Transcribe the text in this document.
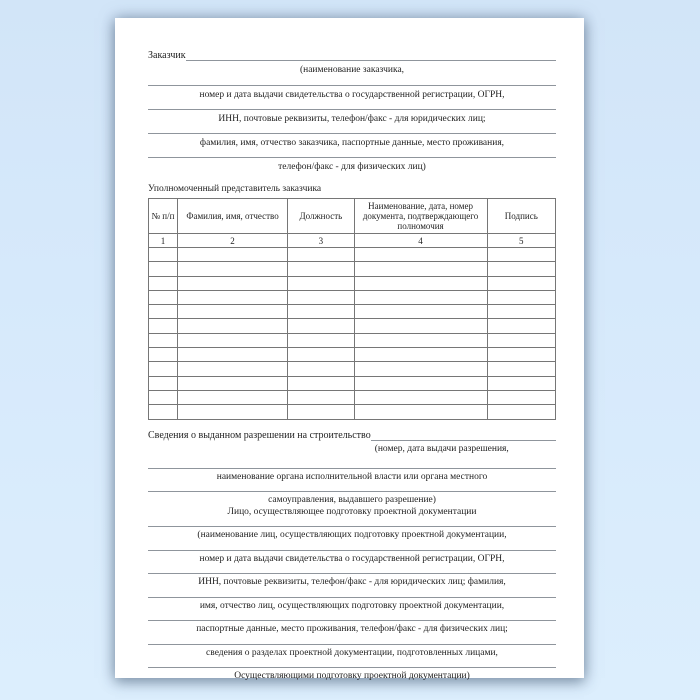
Заказчик
(наименование заказчика,
номер и дата выдачи свидетельства о государственной регистрации, ОГРН,
ИНН, почтовые реквизиты, телефон/факс - для юридических лиц;
фамилия, имя, отчество заказчика, паспортные данные, место проживания,
телефон/факс - для физических лиц)
Уполномоченный представитель заказчика
№ п/п	Фамилия, имя, отчество	Должность	Наименование, дата, номер документа, подтверждающего полномочия	Подпись
1	2	3	4	5

Сведения о выданном разрешении на строительство
(номер, дата выдачи разрешения,
наименование органа исполнительной власти или органа местного
самоуправления, выдавшего разрешение)
Лицо, осуществляющее подготовку проектной документации
(наименование лиц, осуществляющих подготовку проектной документации,
номер и дата выдачи свидетельства о государственной регистрации, ОГРН,
ИНН, почтовые реквизиты, телефон/факс - для юридических лиц; фамилия,
имя, отчество лиц, осуществляющих подготовку проектной документации,
паспортные данные, место проживания, телефон/факс - для физических лиц;
сведения о разделах проектной документации, подготовленных лицами,
Осуществляющими подготовку проектной документации)
